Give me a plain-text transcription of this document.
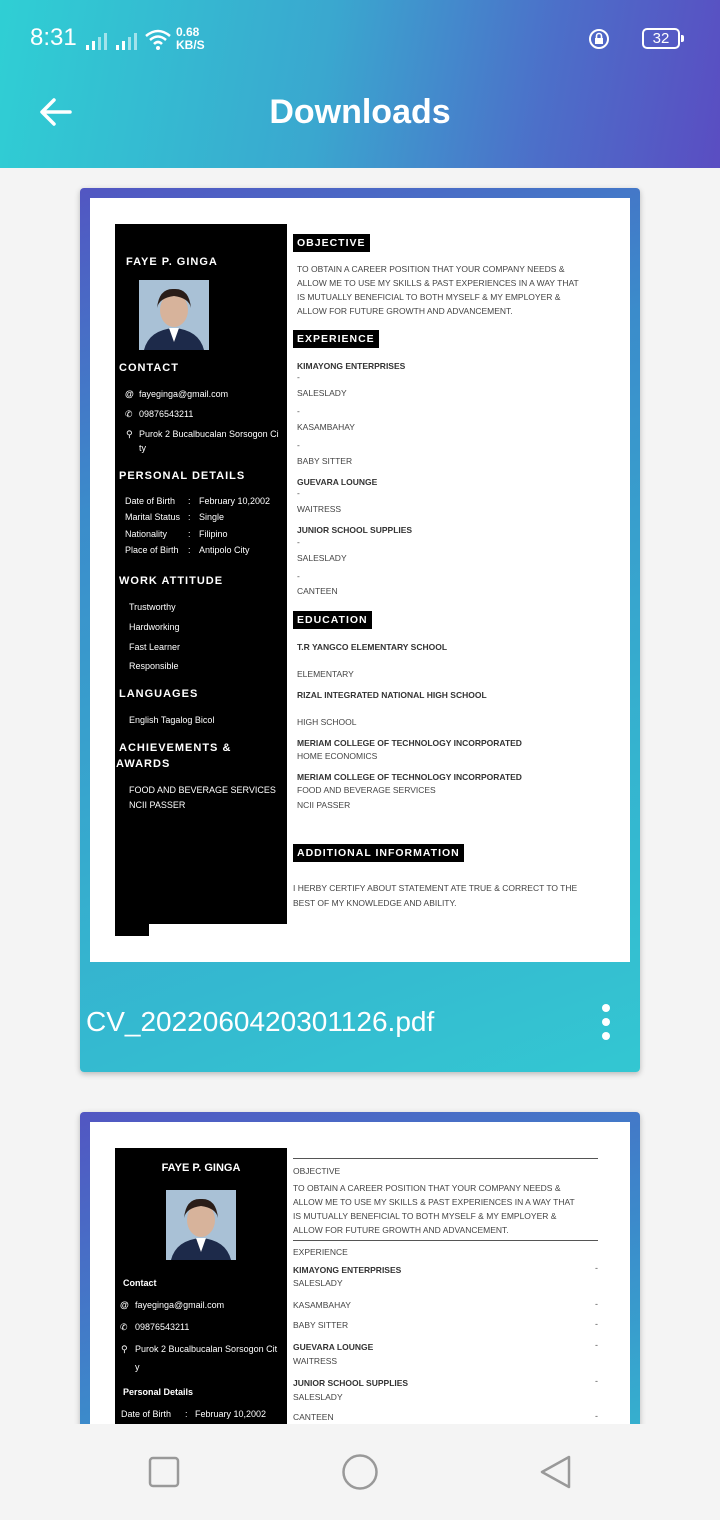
8:31	0.68
KB/S	32
Downloads
FAYE P. GINGA
CONTACT
@ fayeginga@gmail.com
✆ 09876543211
⚲ Purok 2 Bucalbucalan Sorsogon Ci
ty
PERSONAL DETAILS
Date of Birth : February 10,2002
Marital Status : Single
Nationality : Filipino
Place of Birth : Antipolo City
WORK ATTITUDE
Trustworthy
Hardworking
Fast Learner
Responsible
LANGUAGES
English Tagalog Bicol
ACHIEVEMENTS &
AWARDS
FOOD AND BEVERAGE SERVICES
NCII PASSER
OBJECTIVE
TO OBTAIN A CAREER POSITION THAT YOUR COMPANY NEEDS &
ALLOW ME TO USE MY SKILLS & PAST EXPERIENCES IN A WAY THAT
IS MUTUALLY BENEFICIAL TO BOTH MYSELF & MY EMPLOYER &
ALLOW FOR FUTURE GROWTH AND ADVANCEMENT.
EXPERIENCE
KIMAYONG ENTERPRISES
-
SALESLADY
-
KASAMBAHAY
-
BABY SITTER
GUEVARA LOUNGE
-
WAITRESS
JUNIOR SCHOOL SUPPLIES
-
SALESLADY
-
CANTEEN
EDUCATION
T.R YANGCO ELEMENTARY SCHOOL
ELEMENTARY
RIZAL INTEGRATED NATIONAL HIGH SCHOOL
HIGH SCHOOL
MERIAM COLLEGE OF TECHNOLOGY INCORPORATED
HOME ECONOMICS
MERIAM COLLEGE OF TECHNOLOGY INCORPORATED
FOOD AND BEVERAGE SERVICES
NCII PASSER
ADDITIONAL INFORMATION
I HERBY CERTIFY ABOUT STATEMENT ATE TRUE & CORRECT TO THE
BEST OF MY KNOWLEDGE AND ABILITY.
CV_20220604203011​26.pdf
FAYE P. GINGA
Contact
@ fayeginga@gmail.com
✆ 09876543211
⚲ Purok 2 Bucalbucalan Sorsogon Cit
y
Personal Details
Date of Birth : February 10,2002
OBJECTIVE
TO OBTAIN A CAREER POSITION THAT YOUR COMPANY NEEDS &
ALLOW ME TO USE MY SKILLS & PAST EXPERIENCES IN A WAY THAT
IS MUTUALLY BENEFICIAL TO BOTH MYSELF & MY EMPLOYER &
ALLOW FOR FUTURE GROWTH AND ADVANCEMENT.
EXPERIENCE
KIMAYONG ENTERPRISES	-
SALESLADY
KASAMBAHAY	-
BABY SITTER	-
GUEVARA LOUNGE	-
WAITRESS
JUNIOR SCHOOL SUPPLIES	-
SALESLADY
CANTEEN	-
